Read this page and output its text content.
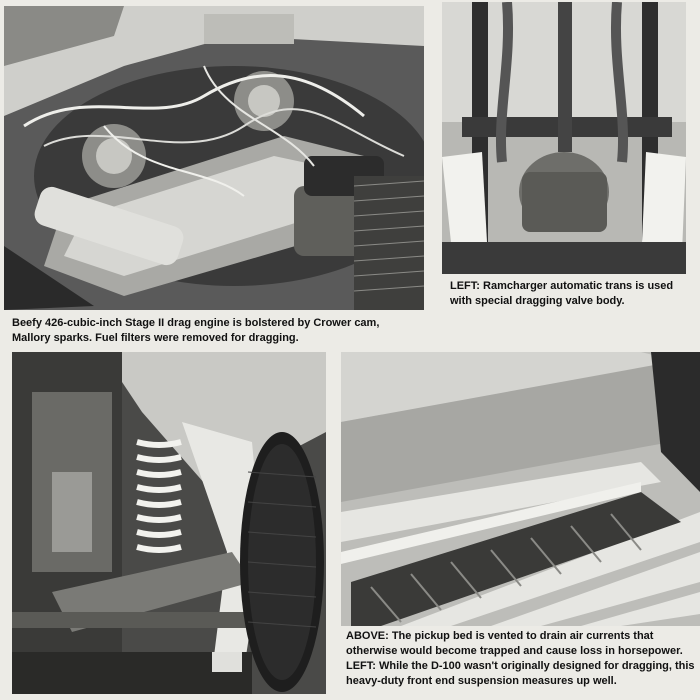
Beefy 426-cubic-inch Stage II drag engine is bolstered by Crower cam, Mallory sparks. Fuel filters were removed for dragging.
LEFT: Ramcharger automatic trans is used with special dragging valve body.

ABOVE: The pickup bed is vented to drain air currents that otherwise would become trapped and cause loss in horsepower.

LEFT: While the D-100 wasn't originally designed for dragging, this heavy-duty front end suspension measures up well.
